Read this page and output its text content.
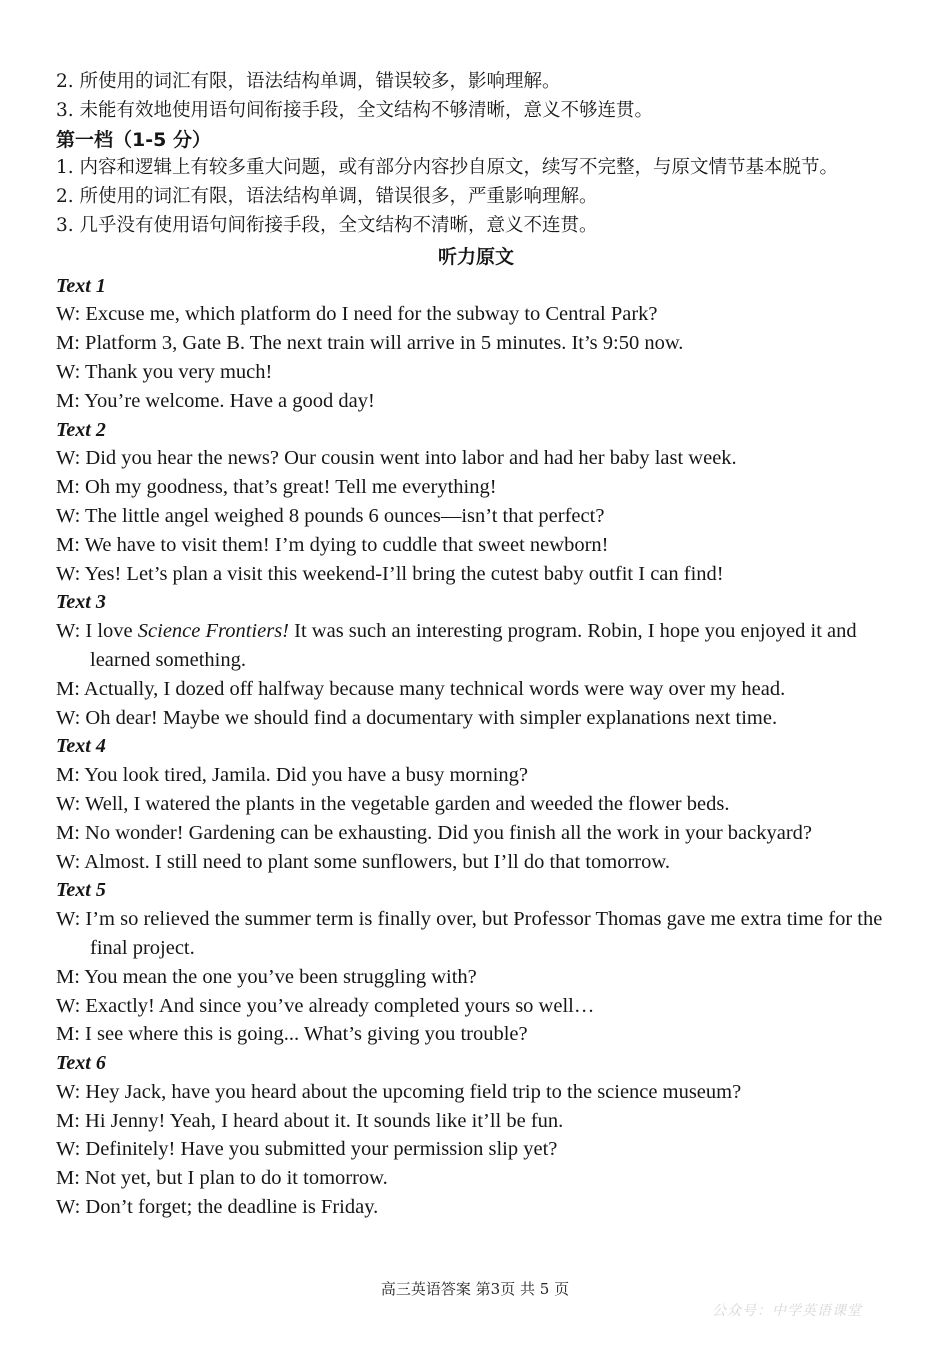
2. 所使用的词汇有限，语法结构单调，错误较多，影响理解。
3. 未能有效地使用语句间衔接手段，全文结构不够清晰，意义不够连贯。
第一档（1-5 分）
1. 内容和逻辑上有较多重大问题，或有部分内容抄自原文，续写不完整，与原文情节基本脱节。
2. 所使用的词汇有限，语法结构单调，错误很多，严重影响理解。
3. 几乎没有使用语句间衔接手段，全文结构不清晰，意义不连贯。
听力原文
Text 1
W: Excuse me, which platform do I need for the subway to Central Park?
M: Platform 3, Gate B. The next train will arrive in 5 minutes. It’s 9:50 now.
W: Thank you very much!
M: You’re welcome. Have a good day!
Text 2
W: Did you hear the news? Our cousin went into labor and had her baby last week.
M: Oh my goodness, that’s great! Tell me everything!
W: The little angel weighed 8 pounds 6 ounces—isn’t that perfect?
M: We have to visit them! I’m dying to cuddle that sweet newborn!
W: Yes! Let’s plan a visit this weekend-I’ll bring the cutest baby outfit I can find!
Text 3
W: I love Science Frontiers! It was such an interesting program. Robin, I hope you enjoyed it and learned something.
M: Actually, I dozed off halfway because many technical words were way over my head.
W: Oh dear! Maybe we should find a documentary with simpler explanations next time.
Text 4
M: You look tired, Jamila. Did you have a busy morning?
W: Well, I watered the plants in the vegetable garden and weeded the flower beds.
M: No wonder! Gardening can be exhausting. Did you finish all the work in your backyard?
W: Almost. I still need to plant some sunflowers, but I’ll do that tomorrow.
Text 5
W: I’m so relieved the summer term is finally over, but Professor Thomas gave me extra time for the final project.
M: You mean the one you’ve been struggling with?
W: Exactly! And since you’ve already completed yours so well…
M: I see where this is going... What’s giving you trouble?
Text 6
W: Hey Jack, have you heard about the upcoming field trip to the science museum?
M: Hi Jenny! Yeah, I heard about it. It sounds like it’ll be fun.
W: Definitely! Have you submitted your permission slip yet?
M: Not yet, but I plan to do it tomorrow.
W: Don’t forget; the deadline is Friday.
高三英语答案 第3页 共 5 页
公众号：中学英语课堂
